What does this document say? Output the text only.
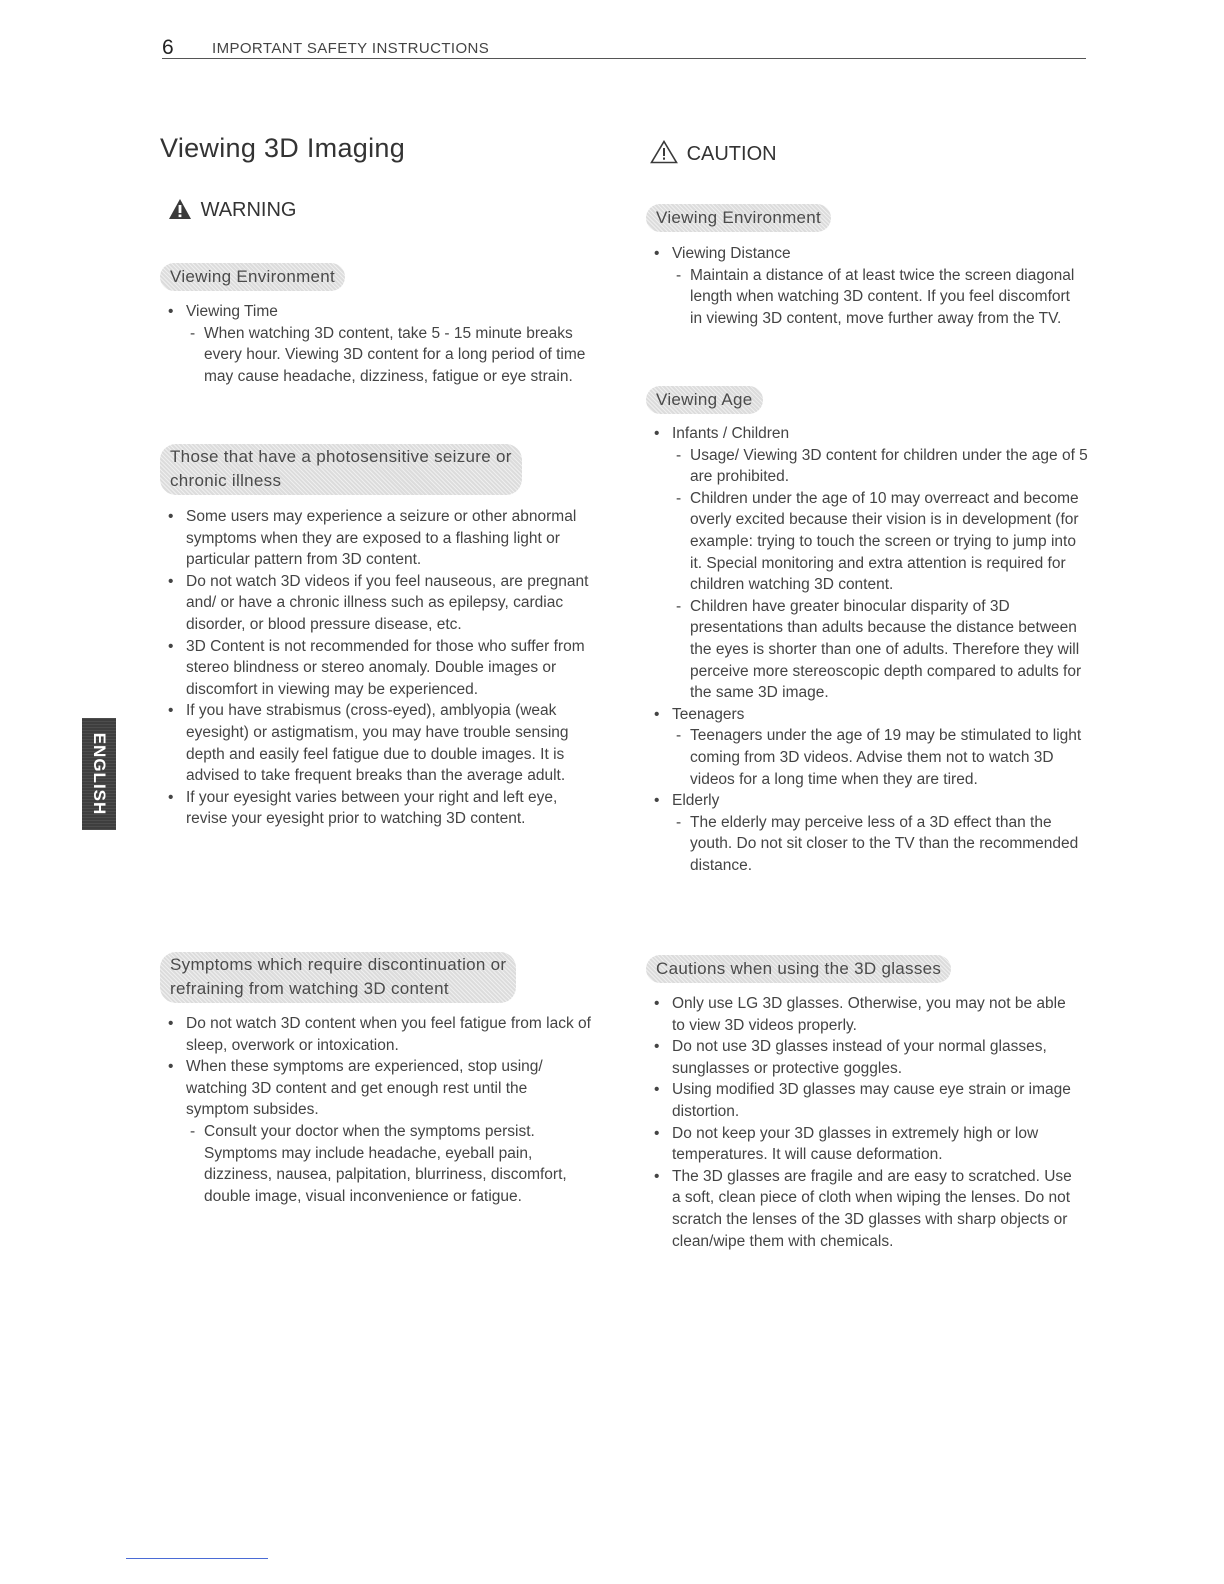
6	IMPORTANT SAFETY INSTRUCTIONS
Viewing 3D Imaging
WARNING
CAUTION
Viewing Environment
• Viewing Time
- When watching 3D content, take 5 - 15 minute breaks every hour. Viewing 3D content for a long period of time may cause headache, dizziness, fatigue or eye strain.
Those that have a photosensitive seizure or
chronic illness
• Some users may experience a seizure or other abnormal symptoms when they are exposed to a flashing light or particular pattern from 3D content.
• Do not watch 3D videos if you feel nauseous, are pregnant and/ or have a chronic illness such as epilepsy, cardiac disorder, or blood pressure disease, etc.
• 3D Content is not recommended for those who suffer from stereo blindness or stereo anomaly. Double images or discomfort in viewing may be experienced.
• If you have strabismus (cross-eyed), amblyopia (weak eyesight) or astigmatism, you may have trouble sensing depth and easily feel fatigue due to double images. It is advised to take frequent breaks than the average adult.
• If your eyesight varies between your right and left eye, revise your eyesight prior to watching 3D content.
Symptoms which require discontinuation or
refraining from watching 3D content
• Do not watch 3D content when you feel fatigue from lack of sleep, overwork or intoxication.
• When these symptoms are experienced, stop using/ watching 3D content and get enough rest until the symptom subsides.
- Consult your doctor when the symptoms persist. Symptoms may include headache, eyeball pain, dizziness, nausea, palpitation, blurriness, discomfort, double image, visual inconvenience or fatigue.
Viewing Environment
• Viewing Distance
- Maintain a distance of at least twice the screen diagonal length when watching 3D content. If you feel discomfort in viewing 3D content, move further away from the TV.
Viewing Age
• Infants / Children
- Usage/ Viewing 3D content for children under the age of 5 are prohibited.
- Children under the age of 10 may overreact and become overly excited because their vision is in development (for example: trying to touch the screen or trying to jump into it. Special monitoring and extra attention is required for children watching 3D content.
- Children have greater binocular disparity of 3D presentations than adults because the distance between the eyes is shorter than one of adults. Therefore they will perceive more stereoscopic depth compared to adults for the same 3D image.
• Teenagers
- Teenagers under the age of 19 may be stimulated to light coming from 3D videos. Advise them not to watch 3D videos for a long time when they are tired.
• Elderly
- The elderly may perceive less of a 3D effect than the youth. Do not sit closer to the TV than the recommended distance.
Cautions when using the 3D glasses
• Only use LG 3D glasses. Otherwise, you may not be able to view 3D videos properly.
• Do not use 3D glasses instead of your normal glasses, sunglasses or protective goggles.
• Using modified 3D glasses may cause eye strain or image distortion.
• Do not keep your 3D glasses in extremely high or low temperatures. It will cause deformation.
• The 3D glasses are fragile and are easy to scratched. Use a soft, clean piece of cloth when wiping the lenses. Do not scratch the lenses of the 3D glasses with sharp objects or clean/wipe them with chemicals.
ENGLISH
